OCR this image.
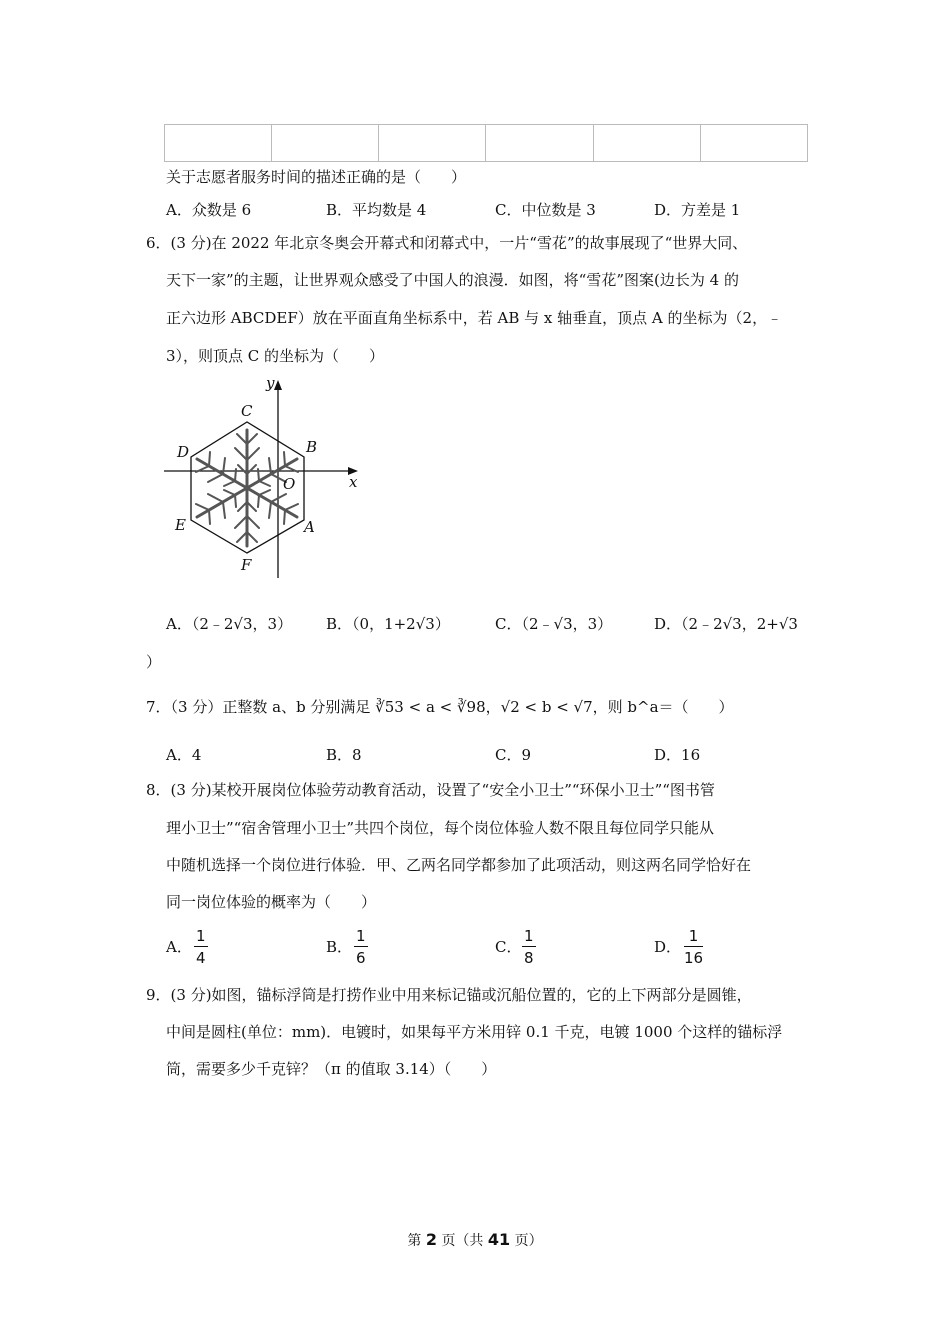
关于志愿者服务时间的描述正确的是（　　）
A．众数是 6	B．平均数是 4	C．中位数是 3	D．方差是 1
6．(3 分)在 2022 年北京冬奥会开幕式和闭幕式中，一片“雪花”的故事展现了“世界大同、
天下一家”的主题，让世界观众感受了中国人的浪漫．如图，将“雪花”图案(边长为 4 的
正六边形 ABCDEF）放在平面直角坐标系中，若 AB 与 x 轴垂直，顶点 A 的坐标为（2，﹣
3），则顶点 C 的坐标为（　　）
y
x
O
A
B
C
D
E
F
A．（2﹣2√3，3） B．（0，1+2√3）	C．（2﹣√3，3）	D．（2﹣2√3，2+√3
）
7．（3 分）正整数 a、b 分别满足 ∛53 < a < ∛98，√2 < b < √7，则 b^a＝（　　）
A．4	B．8	C．9	D．16
8．(3 分)某校开展岗位体验劳动教育活动，设置了“安全小卫士”“环保小卫士”“图书管
理小卫士”“宿舍管理小卫士”共四个岗位，每个岗位体验人数不限且每位同学只能从
中随机选择一个岗位进行体验．甲、乙两名同学都参加了此项活动，则这两名同学恰好在
同一岗位体验的概率为（　　）
A． $\frac{1}{4}$	B． $\frac{1}{6}$	C． $\frac{1}{8}$	D． $\frac{1}{16}$
9．(3 分)如图，锚标浮筒是打捞作业中用来标记锚或沉船位置的，它的上下两部分是圆锥，
中间是圆柱(单位：mm)．电镀时，如果每平方米用锌 0.1 千克，电镀 1000 个这样的锚标浮
筒，需要多少千克锌？（π 的值取 3.14）（　　）
第 2 页（共 41 页）
